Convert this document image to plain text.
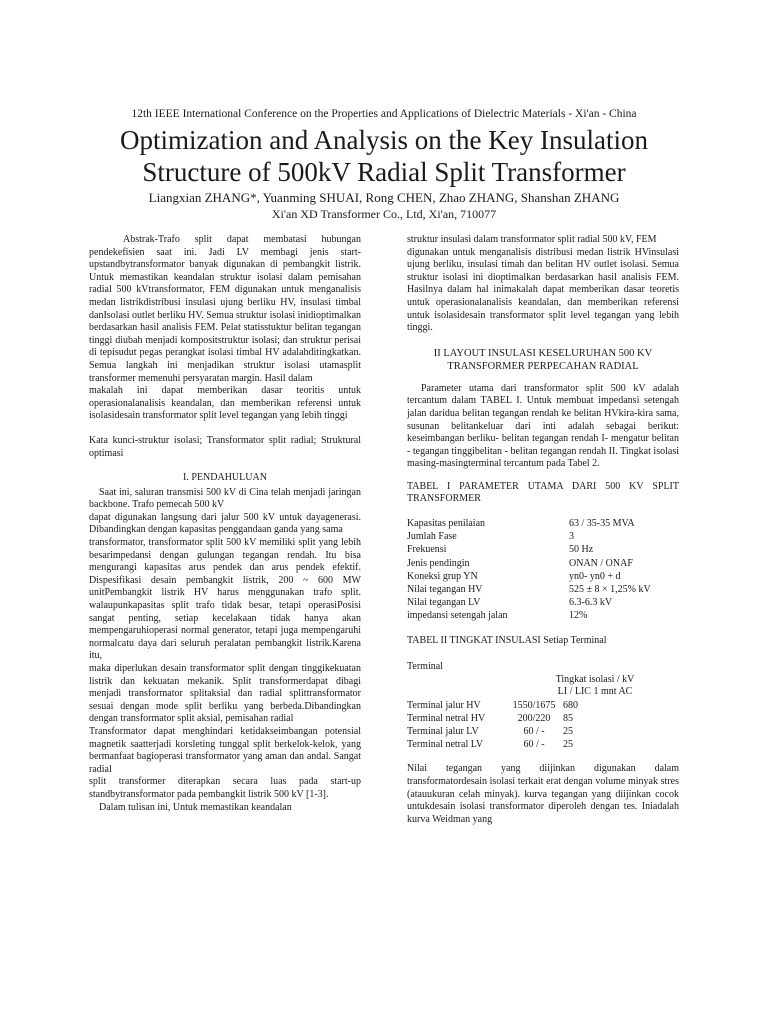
12th IEEE International Conference on the Properties and Applications of Dielectric Materials - Xi'an - China
Optimization and Analysis on the Key Insulation
Structure of 500kV Radial Split Transformer
Liangxian ZHANG*, Yuanming SHUAI, Rong CHEN, Zhao ZHANG, Shanshan ZHANG
Xi'an XD Transformer Co., Ltd, Xi'an, 710077

Abstrak-Trafo split dapat membatasi hubungan pendekefisien saat ini. Jadi LV membagi jenis start-upstandbytransformator banyak digunakan di pembangkit listrik. Untuk memastikan keandalan struktur isolasi dalam pemisahan radial 500 kVtransformator, FEM digunakan untuk menganalisis medan listrikdistribusi insulasi ujung berliku HV, insulasi timbal danIsolasi outlet berliku HV. Semua struktur isolasi inidioptimalkan berdasarkan hasil analisis FEM. Pelat statisstuktur belitan tegangan tinggi diubah menjadi kompositstruktur isolasi; dan struktur perisai di tepisudut pegas perangkat isolasi timbal HV adalahditingkatkan. Semua langkah ini menjadikan struktur isolasi utamasplit transformer memenuhi persyaratan margin. Hasil dalam

makalah ini dapat memberikan dasar teoritis untuk operasionalanalisis keandalan, dan memberikan referensi untuk isolasidesain transformator split level tegangan yang lebih tinggi

Kata kunci-struktur isolasi; Transformator split radial; Struktural optimasi

I. PENDAHULUAN

Saat ini, saluran transmisi 500 kV di Cina telah menjadi jaringan backbone. Trafo pemecah 500 kV

dapat digunakan langsung dari jalur 500 kV untuk dayagenerasi. Dibandingkan dengan kapasitas penggandaan ganda yang sama

transformator, transformator split 500 kV memiliki split yang lebih besarimpedansi dengan gulungan tegangan rendah. Itu bisa mengurangi kapasitas arus pendek dan arus pendek efektif. Dispesifikasi desain pembangkit listrik, 200 ~ 600 MW unitPembangkit listrik HV harus menggunakan trafo split. walaupunkapasitas split trafo tidak besar, tetapi operasiPosisi sangat penting, setiap kecelakaan tidak hanya akan mempengaruhioperasi normal generator, tetapi juga mempengaruhi normalcatu daya dari seluruh peralatan pembangkit listrik.Karena itu,

maka diperlukan desain transformator split dengan tinggikekuatan listrik dan kekuatan mekanik. Split transformerdapat dibagi menjadi transformator splitaksial dan radial splittransformator sesuai dengan mode split berliku yang berbeda.Dibandingkan dengan transformator split aksial, pemisahan radial

Transformator dapat menghindari ketidakseimbangan potensial magnetik saatterjadi korsleting tunggal split berkelok-kelok, yang bermanfaat bagioperasi transformator yang aman dan andal. Sangat radial

split transformer diterapkan secara luas pada start-up standbytransformator pada pembangkit listrik 500 kV [1-3].

Dalam tulisan ini, Untuk memastikan keandalan

struktur insulasi dalam transformator split radial 500 kV, FEM

digunakan untuk menganalisis distribusi medan listrik HVinsulasi ujung berliku, insulasi timah dan belitan HV outlet isolasi. Semua struktur isolasi ini dioptimalkan berdasarkan hasil analisis FEM. Hasilnya dalam hal inimakalah dapat memberikan dasar teoretis untuk operasionalanalisis keandalan, dan memberikan referensi untuk isolasidesain transformator split level tegangan yang lebih tinggi.

II LAYOUT INSULASI KESELURUHAN 500 KV TRANSFORMER PERPECAHAN RADIAL

Parameter utama dari transformator split 500 kV adalah tercantum dalam TABEL I. Untuk membuat impedansi setengah jalan daridua belitan tegangan rendah ke belitan HVkira-kira sama, susunan belitankeluar dari inti adalah sebagai berikut: keseimbangan berliku- belitan tegangan rendah I- mengatur belitan - tegangan tinggibelitan - belitan tegangan rendah II. Tingkat isolasi masing-masingterminal tercantum pada Tabel 2.

TABEL I PARAMETER UTAMA DARI 500 KV SPLIT TRANSFORMER

Kapasitas penilaian	63 / 35-35 MVA
Jumlah Fase	3
Frekuensi	50 Hz
Jenis pendingin	ONAN / ONAF
Koneksi grup YN	yn0- yn0 + d
Nilai tegangan HV	525 ± 8 × 1,25% kV
Nilai tegangan LV	6.3-6.3 kV
impedansi setengah jalan	12%

TABEL II TINGKAT INSULASI Setiap Terminal

Terminal
Tingkat isolasi / kV
LI / LIC 1 mnt AC
Terminal jalur HV	1550/1675	680
Terminal netral HV	200/220	85
Terminal jalur LV	60 / -	25
Terminal netral LV	60 / -	25

Nilai tegangan yang diijinkan digunakan dalam transformatordesain isolasi terkait erat dengan volume minyak stres (atauukuran celah minyak). kurva tegangan yang diijinkan cocok untukdesain isolasi transformator diperoleh dengan tes. Iniadalah kurva Weidman yang
